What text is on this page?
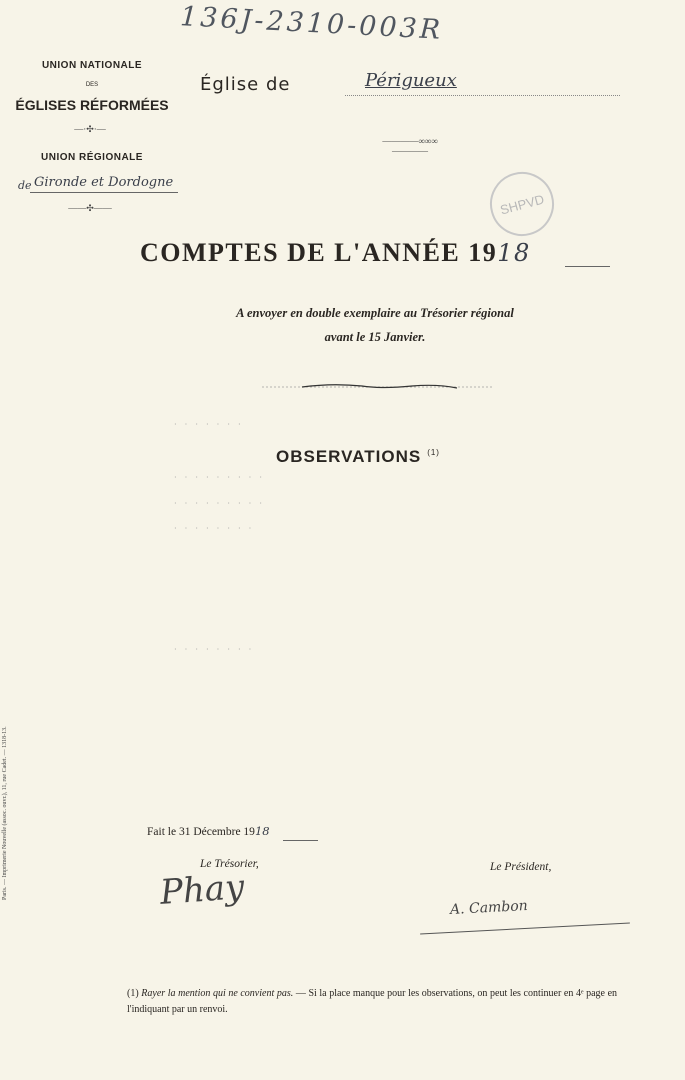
136J-2310-003R
UNION NATIONALE
DES
ÉGLISES RÉFORMÉES
—·✣·—
UNION RÉGIONALE
de Gironde et Dordogne
——✣——
Église de	Périgueux
————∞∞∞————
SHPVD
COMPTES DE L'ANNÉE 1918
A envoyer en double exemplaire au Trésorier régional
avant le 15 Janvier.
OBSERVATIONS $^{(1)}$
· · · · · · ·
· · · · · · · · ·
· · · · · · · · ·
· · · · · · · ·
· · · · · · · ·
Paris. — Imprimerie Nouvelle (assoc. ouvr.), 11, rue Cadet. — 1318-13.	Fait le 31 Décembre 1918
Le Trésorier,	Le Président,
Phay	A. Cambon
(1) Rayer la mention qui ne convient pas. — Si la place manque pour les observations, on peut les continuer en 4ᵉ page en l'indiquant par un renvoi.
